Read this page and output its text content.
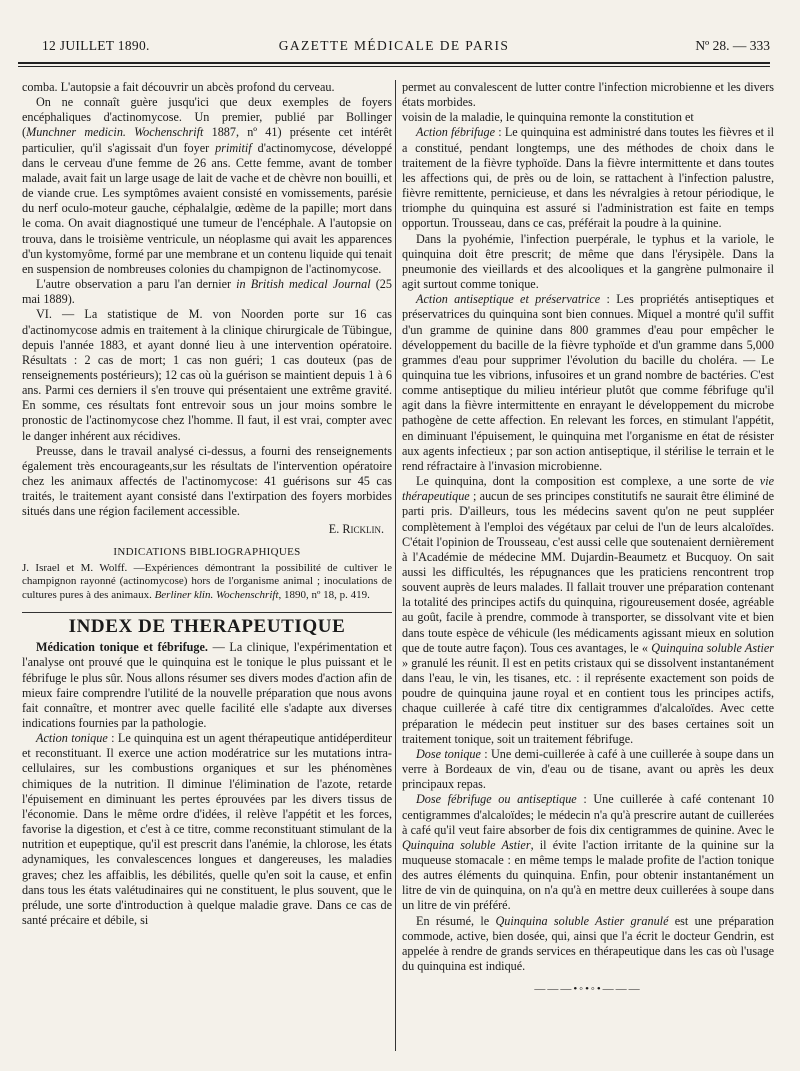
12 JUILLET 1890.	GAZETTE MÉDICALE DE PARIS	Nº 28. — 333

comba. L'autopsie a fait découvrir un abcès profond du cerveau.

On ne connaît guère jusqu'ici que deux exemples de foyers encéphaliques d'actinomycose. Un premier, publié par Bollinger (Munchner medicin. Wochenschrift 1887, nº 41) présente cet intérêt particulier, qu'il s'agissait d'un foyer primitif d'actinomycose, développé dans le cerveau d'une femme de 26 ans. Cette femme, avant de tomber malade, avait fait un large usage de lait de vache et de chèvre non bouilli, et de viande crue. Les symptômes avaient consisté en vomissements, parésie du nerf oculo-moteur gauche, céphalalgie, œdème de la papille; mort dans le coma. On avait diagnostiqué une tumeur de l'encéphale. A l'autopsie on trouva, dans le troisième ventricule, un néoplasme qui avait les apparences d'un kystomyôme, formé par une membrane et un contenu liquide qui tenait en suspension de nombreuses colonies du champignon de l'actinomycose.

L'autre observation a paru l'an dernier in British medical Journal (25 mai 1889).

VI. — La statistique de M. von Noorden porte sur 16 cas d'actinomycose admis en traitement à la clinique chirurgicale de Tübingue, depuis l'année 1883, et ayant donné lieu à une intervention opératoire. Résultats : 2 cas de mort; 1 cas non guéri; 1 cas douteux (pas de renseignements postérieurs); 12 cas où la guérison se maintient depuis 1 à 6 ans. Parmi ces derniers il s'en trouve qui présentaient une extrême gravité. En somme, ces résultats font entrevoir sous un jour moins sombre le pronostic de l'actinomycose chez l'homme. Il faut, il est vrai, compter avec le danger inhérent aux récidives.

Preusse, dans le travail analysé ci-dessus, a fourni des renseignements également très encourageants,sur les résultats de l'intervention opératoire chez les animaux affectés de l'actinomycose: 41 guérisons sur 45 cas traités, le traitement ayant consisté dans l'extirpation des foyers morbides situés dans une région facilement accessible.

E. Ricklin.
INDICATIONS BIBLIOGRAPHIQUES

J. Israel et M. Wolff. —Expériences démontrant la possibilité de cultiver le champignon rayonné (actinomycose) hors de l'organisme animal ; inoculations de cultures pures à des animaux. Berliner klin. Wochenschrift, 1890, nº 18, p. 419.

INDEX DE THERAPEUTIQUE

Médication tonique et fébrifuge. — La clinique, l'expérimentation et l'analyse ont prouvé que le quinquina est le tonique le plus puissant et le fébrifuge le plus sûr. Nous allons résumer ses divers modes d'action afin de mieux faire comprendre l'utilité de la nouvelle préparation que nous avons fait connaître, et montrer avec quelle facilité elle s'adapte aux diverses indications fournies par la pathologie.

Action tonique : Le quinquina est un agent thérapeutique antidéperditeur et reconstituant. Il exerce une action modératrice sur les mutations intra-cellulaires, sur les combustions organiques et sur les phénomènes chimiques de la nutrition. Il diminue l'élimination de l'azote, retarde l'épuisement en diminuant les pertes éprouvées par les divers tissus de l'économie. Dans le même ordre d'idées, il relève l'appétit et les forces, favorise la digestion, et c'est à ce titre, comme reconstituant stimulant de la nutrition et eupeptique, qu'il est prescrit dans l'anémie, la chlorose, les états adynamiques, les convalescences longues et dangereuses, les maladies graves; chez les affaiblis, les débilités, quelle qu'en soit la cause, et enfin dans tous les états valétudinaires qui ne constituent, le plus souvent, que le prélude, une sorte d'introduction à quelque maladie grave. Dans ce cas de santé précaire et débile, si

permet au convalescent de lutter contre l'infection microbienne et les divers états morbides.

voisin de la maladie, le quinquina remonte la constitution et

Action fébrifuge : Le quinquina est administré dans toutes les fièvres et il a constitué, pendant longtemps, une des méthodes de choix dans le traitement de la fièvre typhoïde. Dans la fièvre intermittente et dans toutes les affections qui, de près ou de loin, se rattachent à l'infection palustre, fièvre remittente, pernicieuse, et dans les névralgies à retour périodique, le triomphe du quinquina est assuré si l'administration est faite en temps opportun. Trousseau, dans ce cas, préférait la poudre à la quinine.

Dans la pyohémie, l'infection puerpérale, le typhus et la variole, le quinquina doit être prescrit; de même que dans l'érysipèle. Dans la pneumonie des vieillards et des alcooliques et la gangrène pulmonaire il agit surtout comme tonique.

Action antiseptique et préservatrice : Les propriétés antiseptiques et préservatrices du quinquina sont bien connues. Miquel a montré qu'il suffit d'un gramme de quinine dans 800 grammes d'eau pour empêcher le développement du bacille de la fièvre typhoïde et d'un gramme dans 5,000 grammes d'eau pour supprimer l'évolution du bacille du choléra. — Le quinquina tue les vibrions, infusoires et un grand nombre de bactéries. C'est comme antiseptique du milieu intérieur plutôt que comme fébrifuge qu'il agit dans la fièvre intermittente en enrayant le développement du microbe pathogène de cette affection. En relevant les forces, en stimulant l'appétit, en diminuant l'épuisement, le quinquina met l'organisme en état de résister aux agents infectieux ; par son action antiseptique, il stérilise le terrain et le rend réfractaire à l'invasion microbienne.

Le quinquina, dont la composition est complexe, a une sorte de vie thérapeutique ; aucun de ses principes constitutifs ne saurait être éliminé de parti pris. D'ailleurs, tous les médecins savent qu'on ne peut suppléer complètement à l'emploi des végétaux par celui de l'un de leurs alcaloïdes. C'était l'opinion de Trousseau, c'est aussi celle que soutenaient dernièrement à l'Académie de médecine MM. Dujardin-Beaumetz et Bucquoy. On sait aussi les difficultés, les répugnances que les praticiens rencontrent trop souvent auprès de leurs malades. Il fallait trouver une préparation contenant la totalité des principes actifs du quinquina, rigoureusement dosée, agréable au goût, facile à prendre, commode à transporter, se dissolvant vite et bien dans toute espèce de véhicule (les médicaments agissant mieux en solution que de toute autre façon). Tous ces avantages, le « Quinquina soluble Astier » granulé les réunit. Il est en petits cristaux qui se dissolvent instantanément dans l'eau, le vin, les tisanes, etc. : il représente exactement son poids de poudre de quinquina jaune royal et en contient tous les principes actifs, chaque cuillerée à café titre dix centigrammes d'alcaloïdes. Avec cette préparation le médecin peut instituer sur des bases certaines soit un traitement tonique, soit un traitement fébrifuge.

Dose tonique : Une demi-cuillerée à café à une cuillerée à soupe dans un verre à Bordeaux de vin, d'eau ou de tisane, avant ou après les deux principaux repas.

Dose fébrifuge ou antiseptique : Une cuillerée à café contenant 10 centigrammes d'alcaloïdes; le médecin n'a qu'à prescrire autant de cuillerées à café qu'il veut faire absorber de fois dix centigrammes de quinine. Avec le Quinquina soluble Astier, il évite l'action irritante de la quinine sur la muqueuse stomacale : en même temps le malade profite de l'action tonique des autres éléments du quinquina. Enfin, pour obtenir instantanément un litre de vin de quinquina, on n'a qu'à en mettre deux cuillerées à soupe dans un litre de vin préféré.

En résumé, le Quinquina soluble Astier granulé est une préparation commode, active, bien dosée, qui, ainsi que l'a écrit le docteur Gendrin, est appelée à rendre de grands services en thérapeutique dans les cas où l'usage du quinquina est indiqué.

———•◦•◦•———
